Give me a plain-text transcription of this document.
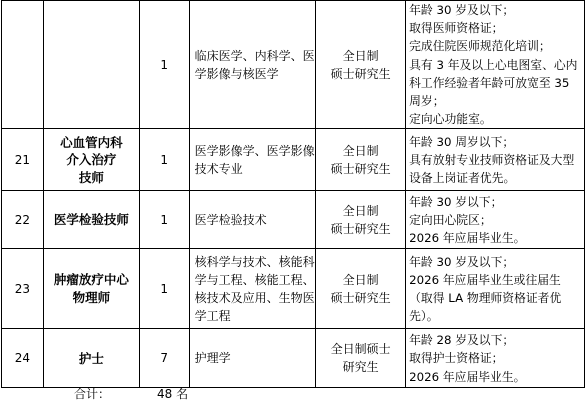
		1	临床医学、内科学、医学影像与核医学	全日制
硕士研究生	年龄 30 岁及以下；
取得医师资格证；
完成住院医师规范化培训；
具有 3 年及以上心电图室、心内科工作经验者年龄可放宽至 35 周岁；
定向心功能室。

21	心血管内科
介入治疗
技师	1	医学影像学、医学影像技术专业	全日制
硕士研究生	年龄 30 周岁以下；
具有放射专业技师资格证及大型设备上岗证者优先。

22	医学检验技师	1	医学检验技术	全日制
硕士研究生	年龄 30 岁以下；
定向田心院区；
2026 年应届毕业生。

23	肿瘤放疗中心
物理师	1	核科学与技术、核能科学与工程、核能工程、核技术及应用、生物医学工程	全日制
硕士研究生	年龄 30 岁及以下；
2026 年应届毕业生或往届生（取得 LA 物理师资格证者优先）。

24	护士	7	护理学	全日制硕士
研究生	年龄 28 岁及以下；
取得护士资格证；
2026 年应届毕业生。
合计：	48 名
